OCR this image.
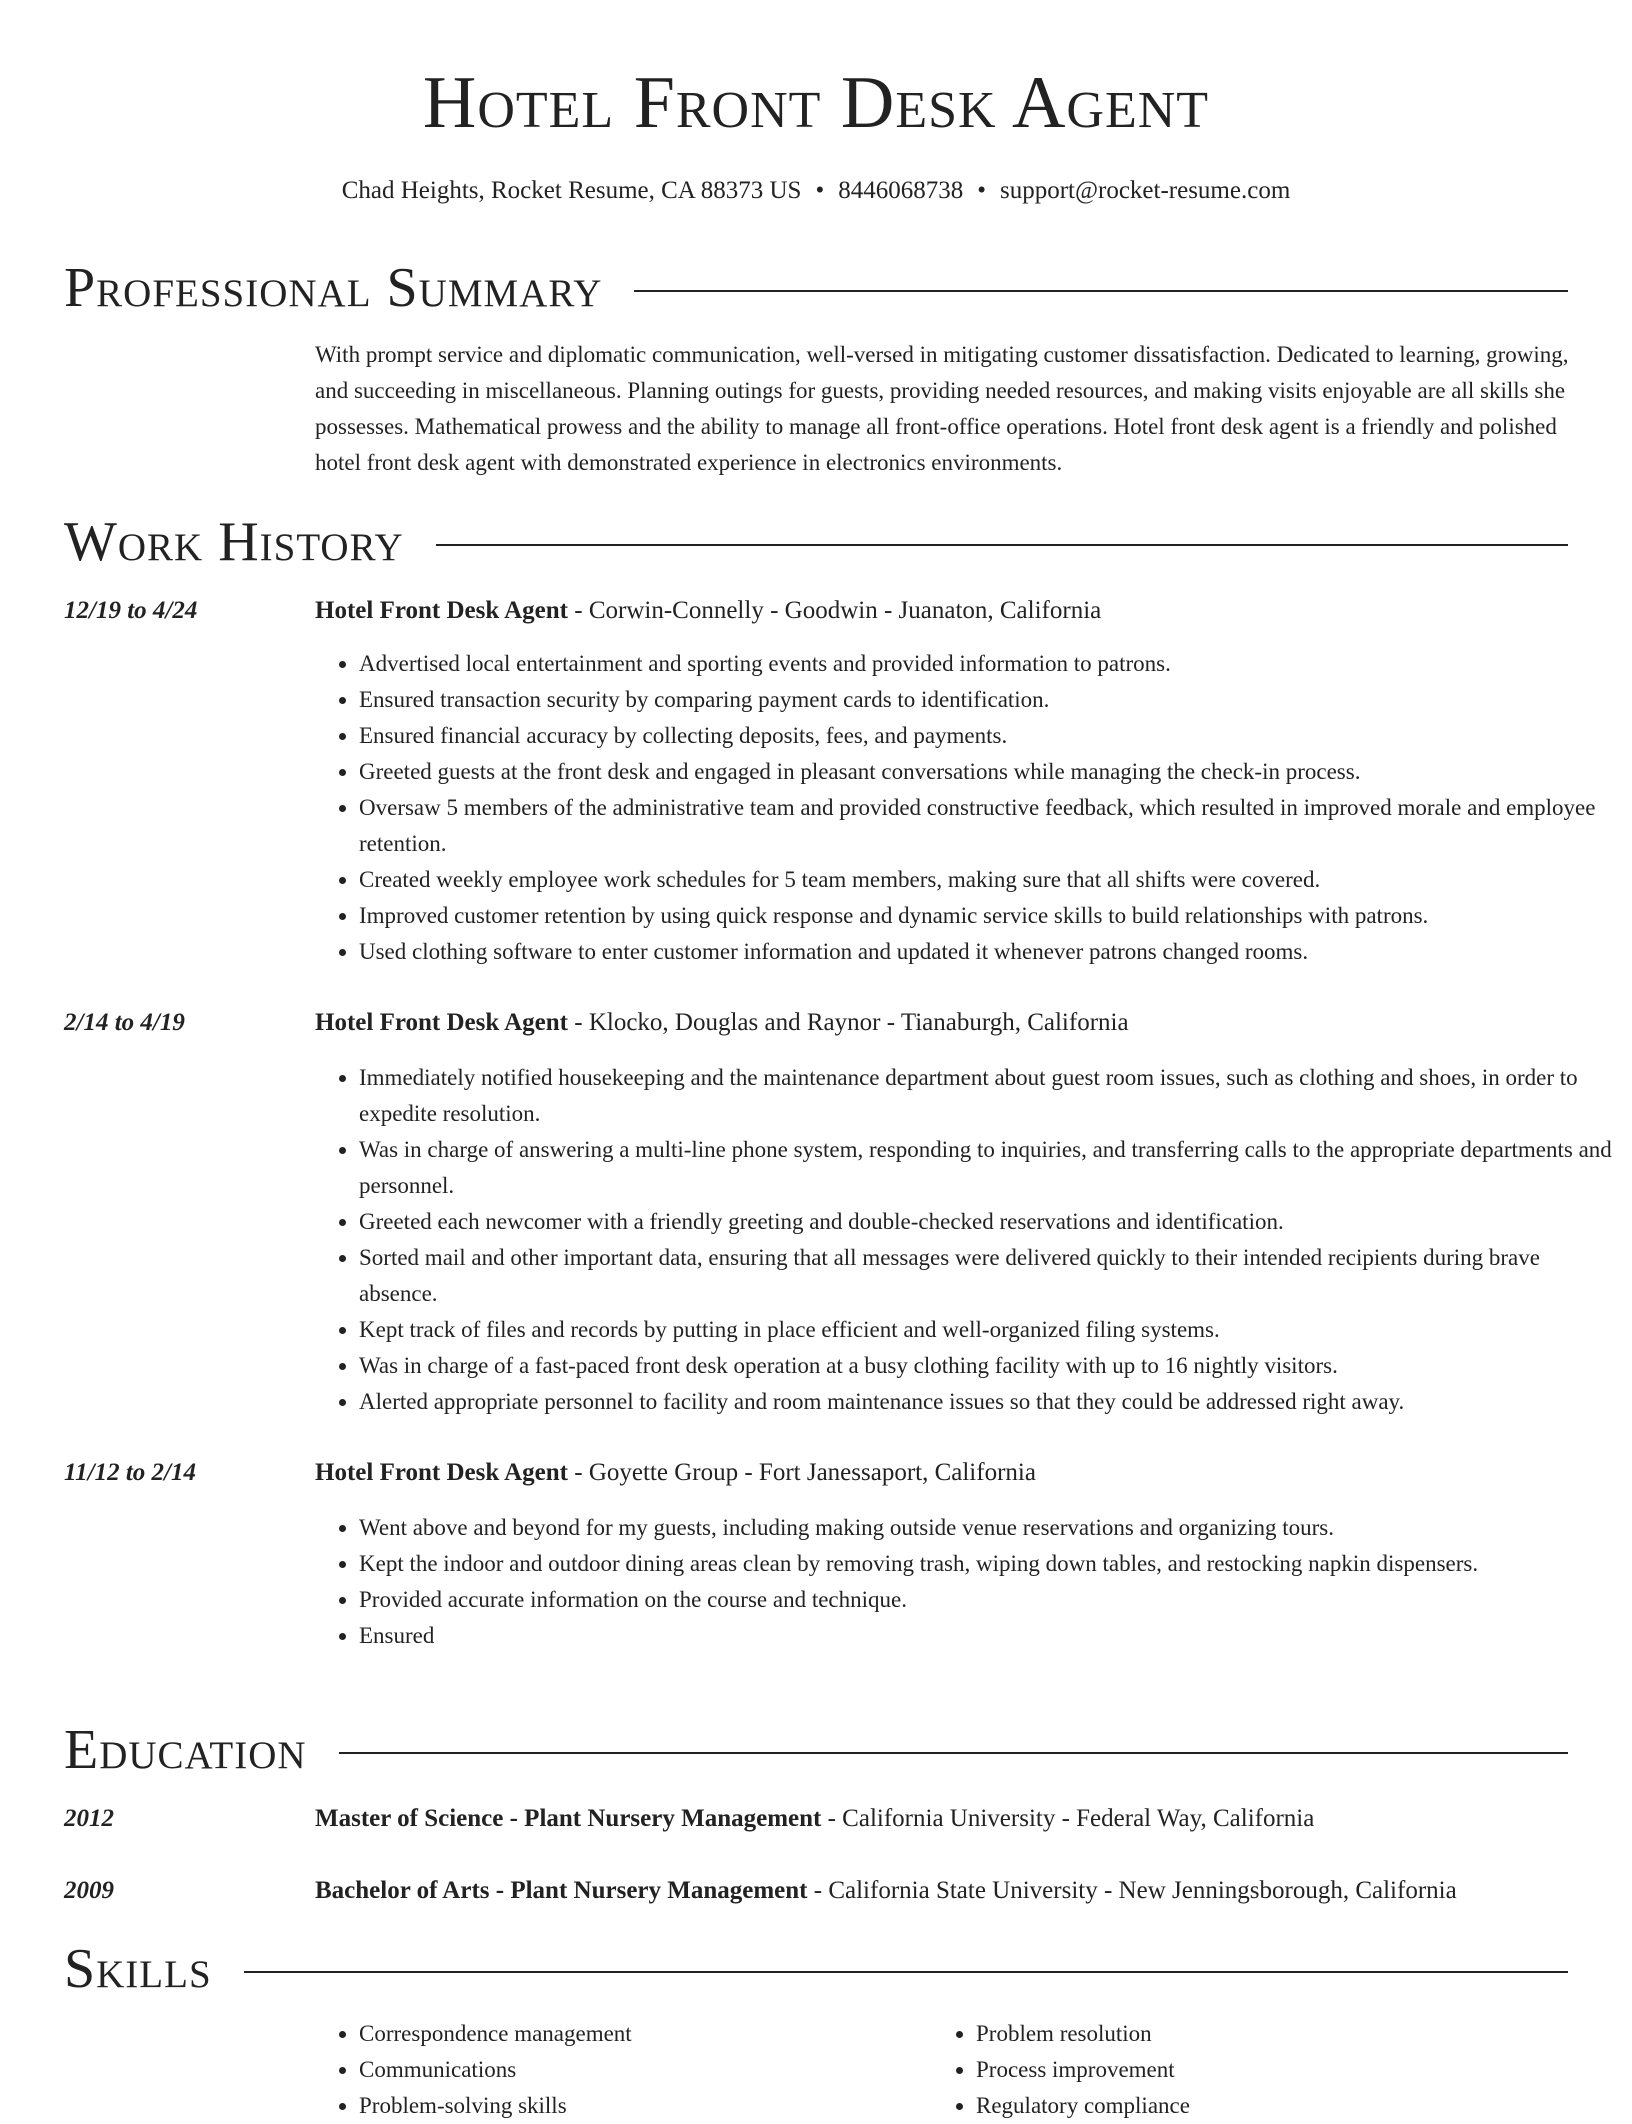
Hotel Front Desk Agent
Chad Heights, Rocket Resume, CA 88373 US • 8446068738 • support@rocket-resume.com
Professional Summary

With prompt service and diplomatic communication, well-versed in mitigating customer dissatisfaction. Dedicated to learning, growing, and succeeding in miscellaneous. Planning outings for guests, providing needed resources, and making visits enjoyable are all skills she possesses. Mathematical prowess and the ability to manage all front-office operations. Hotel front desk agent is a friendly and polished hotel front desk agent with demonstrated experience in electronics environments.

Work History
12/19 to 4/24	Hotel Front Desk Agent - Corwin-Connelly - Goodwin - Juanaton, California
• Advertised local entertainment and sporting events and provided information to patrons.
• Ensured transaction security by comparing payment cards to identification.
• Ensured financial accuracy by collecting deposits, fees, and payments.
• Greeted guests at the front desk and engaged in pleasant conversations while managing the check-in process.
• Oversaw 5 members of the administrative team and provided constructive feedback, which resulted in improved morale and employee retention.
• Created weekly employee work schedules for 5 team members, making sure that all shifts were covered.
• Improved customer retention by using quick response and dynamic service skills to build relationships with patrons.
• Used clothing software to enter customer information and updated it whenever patrons changed rooms.
2/14 to 4/19	Hotel Front Desk Agent - Klocko, Douglas and Raynor - Tianaburgh, California
• Immediately notified housekeeping and the maintenance department about guest room issues, such as clothing and shoes, in order to expedite resolution.
• Was in charge of answering a multi-line phone system, responding to inquiries, and transferring calls to the appropriate departments and personnel.
• Greeted each newcomer with a friendly greeting and double-checked reservations and identification.
• Sorted mail and other important data, ensuring that all messages were delivered quickly to their intended recipients during brave absence.
• Kept track of files and records by putting in place efficient and well-organized filing systems.
• Was in charge of a fast-paced front desk operation at a busy clothing facility with up to 16 nightly visitors.
• Alerted appropriate personnel to facility and room maintenance issues so that they could be addressed right away.
11/12 to 2/14	Hotel Front Desk Agent - Goyette Group - Fort Janessaport, California
• Went above and beyond for my guests, including making outside venue reservations and organizing tours.
• Kept the indoor and outdoor dining areas clean by removing trash, wiping down tables, and restocking napkin dispensers.
• Provided accurate information on the course and technique.
• Ensured
Education
2012	Master of Science - Plant Nursery Management - California University - Federal Way, California
2009	Bachelor of Arts - Plant Nursery Management - California State University - New Jenningsborough, California
Skills
• Correspondence management
• Communications
• Problem-solving skills
• Problem resolution
• Process improvement
• Regulatory compliance
